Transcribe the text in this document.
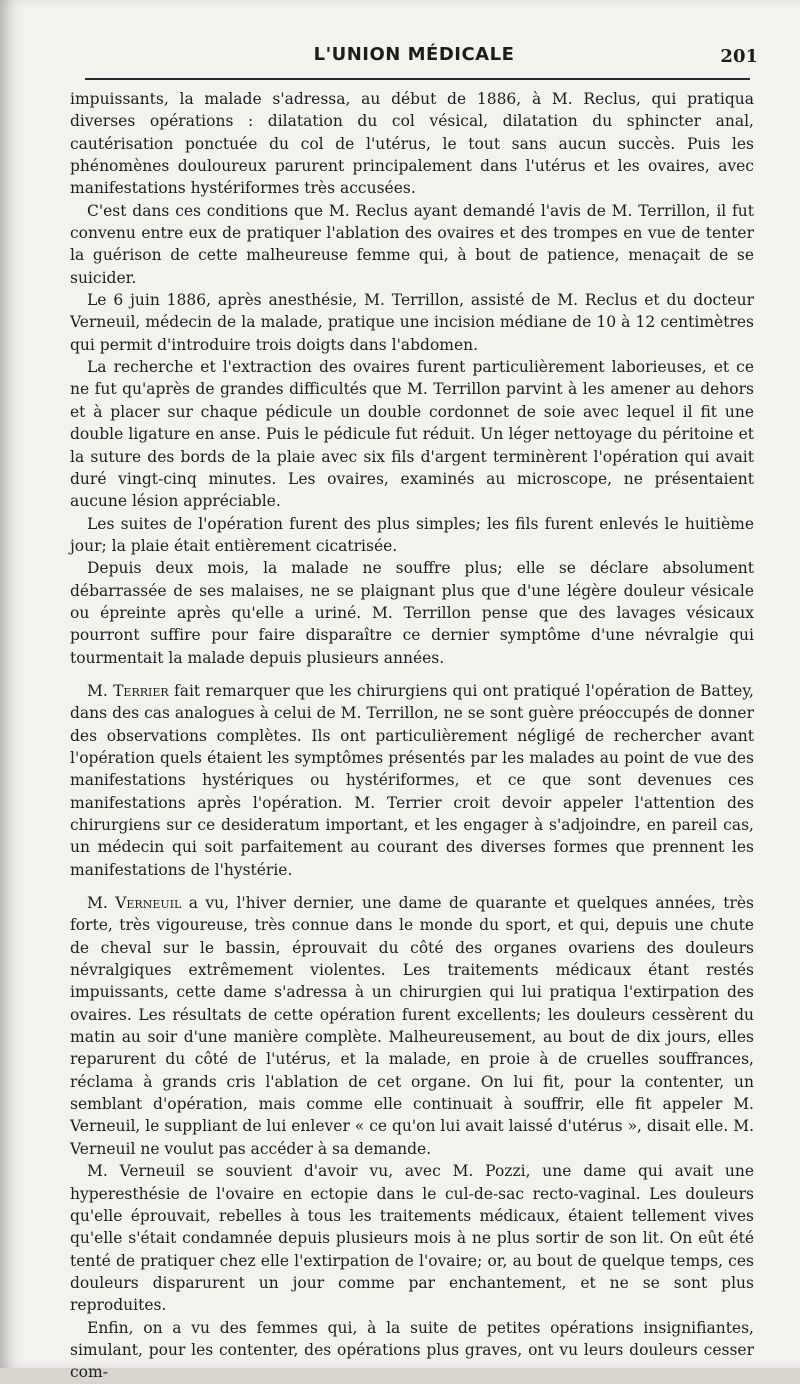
L'UNION MÉDICALE	201

impuissants, la malade s'adressa, au début de 1886, à M. Reclus, qui pratiqua diverses opérations : dilatation du col vésical, dilatation du sphincter anal, cautérisation ponctuée du col de l'utérus, le tout sans aucun succès. Puis les phénomènes douloureux parurent principalement dans l'utérus et les ovaires, avec manifestations hystériformes très accusées.

C'est dans ces conditions que M. Reclus ayant demandé l'avis de M. Terrillon, il fut convenu entre eux de pratiquer l'ablation des ovaires et des trompes en vue de tenter la guérison de cette malheureuse femme qui, à bout de patience, menaçait de se suicider.

Le 6 juin 1886, après anesthésie, M. Terrillon, assisté de M. Reclus et du docteur Verneuil, médecin de la malade, pratique une incision médiane de 10 à 12 centimètres qui permit d'introduire trois doigts dans l'abdomen.

La recherche et l'extraction des ovaires furent particulièrement laborieuses, et ce ne fut qu'après de grandes difficultés que M. Terrillon parvint à les amener au dehors et à placer sur chaque pédicule un double cordonnet de soie avec lequel il fit une double ligature en anse. Puis le pédicule fut réduit. Un léger nettoyage du péritoine et la suture des bords de la plaie avec six fils d'argent terminèrent l'opération qui avait duré vingt-cinq minutes. Les ovaires, examinés au microscope, ne présentaient aucune lésion appréciable.

Les suites de l'opération furent des plus simples; les fils furent enlevés le huitième jour; la plaie était entièrement cicatrisée.

Depuis deux mois, la malade ne souffre plus; elle se déclare absolument débarrassée de ses malaises, ne se plaignant plus que d'une légère douleur vésicale ou épreinte après qu'elle a uriné. M. Terrillon pense que des lavages vésicaux pourront suffire pour faire disparaître ce dernier symptôme d'une névralgie qui tourmentait la malade depuis plusieurs années.

M. Terrier fait remarquer que les chirurgiens qui ont pratiqué l'opération de Battey, dans des cas analogues à celui de M. Terrillon, ne se sont guère préoccupés de donner des observations complètes. Ils ont particulièrement négligé de rechercher avant l'opération quels étaient les symptômes présentés par les malades au point de vue des manifestations hystériques ou hystériformes, et ce que sont devenues ces manifestations après l'opération. M. Terrier croit devoir appeler l'attention des chirurgiens sur ce desideratum important, et les engager à s'adjoindre, en pareil cas, un médecin qui soit parfaitement au courant des diverses formes que prennent les manifestations de l'hystérie.

M. Verneuil a vu, l'hiver dernier, une dame de quarante et quelques années, très forte, très vigoureuse, très connue dans le monde du sport, et qui, depuis une chute de cheval sur le bassin, éprouvait du côté des organes ovariens des douleurs névralgiques extrêmement violentes. Les traitements médicaux étant restés impuissants, cette dame s'adressa à un chirurgien qui lui pratiqua l'extirpation des ovaires. Les résultats de cette opération furent excellents; les douleurs cessèrent du matin au soir d'une manière complète. Malheureusement, au bout de dix jours, elles reparurent du côté de l'utérus, et la malade, en proie à de cruelles souffrances, réclama à grands cris l'ablation de cet organe. On lui fit, pour la contenter, un semblant d'opération, mais comme elle continuait à souffrir, elle fit appeler M. Verneuil, le suppliant de lui enlever « ce qu'on lui avait laissé d'utérus », disait elle. M. Verneuil ne voulut pas accéder à sa demande.

M. Verneuil se souvient d'avoir vu, avec M. Pozzi, une dame qui avait une hyperesthésie de l'ovaire en ectopie dans le cul-de-sac recto-vaginal. Les douleurs qu'elle éprouvait, rebelles à tous les traitements médicaux, étaient tellement vives qu'elle s'était condamnée depuis plusieurs mois à ne plus sortir de son lit. On eût été tenté de pratiquer chez elle l'extirpation de l'ovaire; or, au bout de quelque temps, ces douleurs disparurent un jour comme par enchantement, et ne se sont plus reproduites.

Enfin, on a vu des femmes qui, à la suite de petites opérations insignifiantes, simulant, pour les contenter, des opérations plus graves, ont vu leurs douleurs cesser com-
